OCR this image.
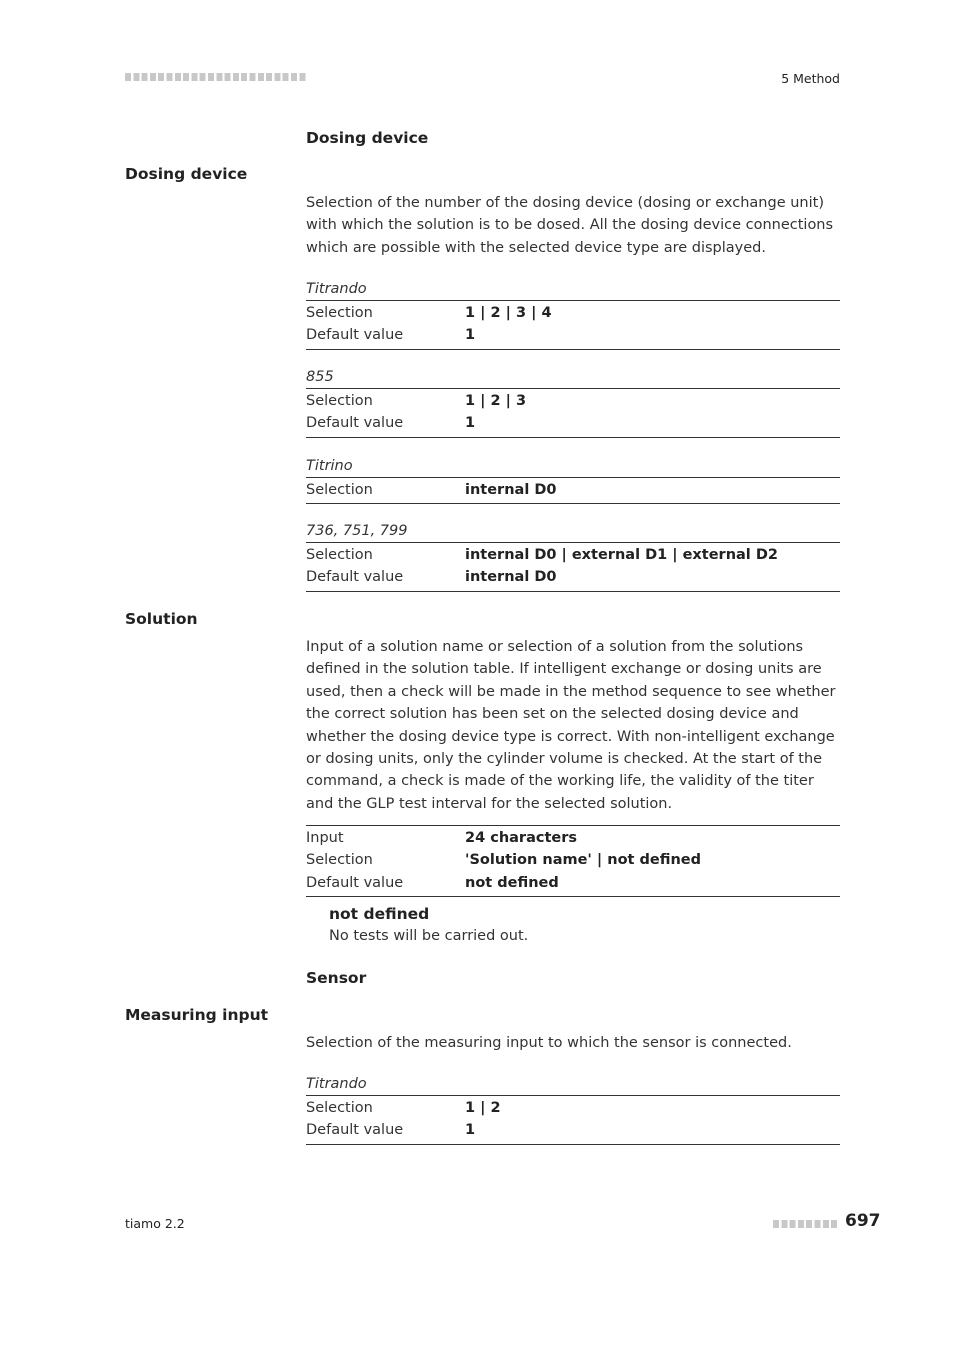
5 Method
Dosing device
Dosing device
Selection of the number of the dosing device (dosing or exchange unit) with which the solution is to be dosed. All the dosing device connections which are possible with the selected device type are displayed.
Titrando
Selection	1 | 2 | 3 | 4
Default value	1
855
Selection	1 | 2 | 3
Default value	1
Titrino
Selection	internal D0
736, 751, 799
Selection	internal D0 | external D1 | external D2
Default value	internal D0
Solution
Input of a solution name or selection of a solution from the solutions defined in the solution table. If intelligent exchange or dosing units are used, then a check will be made in the method sequence to see whether the correct solution has been set on the selected dosing device and whether the dosing device type is correct. With non-intelligent exchange or dosing units, only the cylinder volume is checked. At the start of the command, a check is made of the working life, the validity of the titer and the GLP test interval for the selected solution.
Input	24 characters
Selection	'Solution name' | not defined
Default value	not defined
not defined
No tests will be carried out.
Sensor
Measuring input
Selection of the measuring input to which the sensor is connected.
Titrando
Selection	1 | 2
Default value	1
tiamo 2.2	697
